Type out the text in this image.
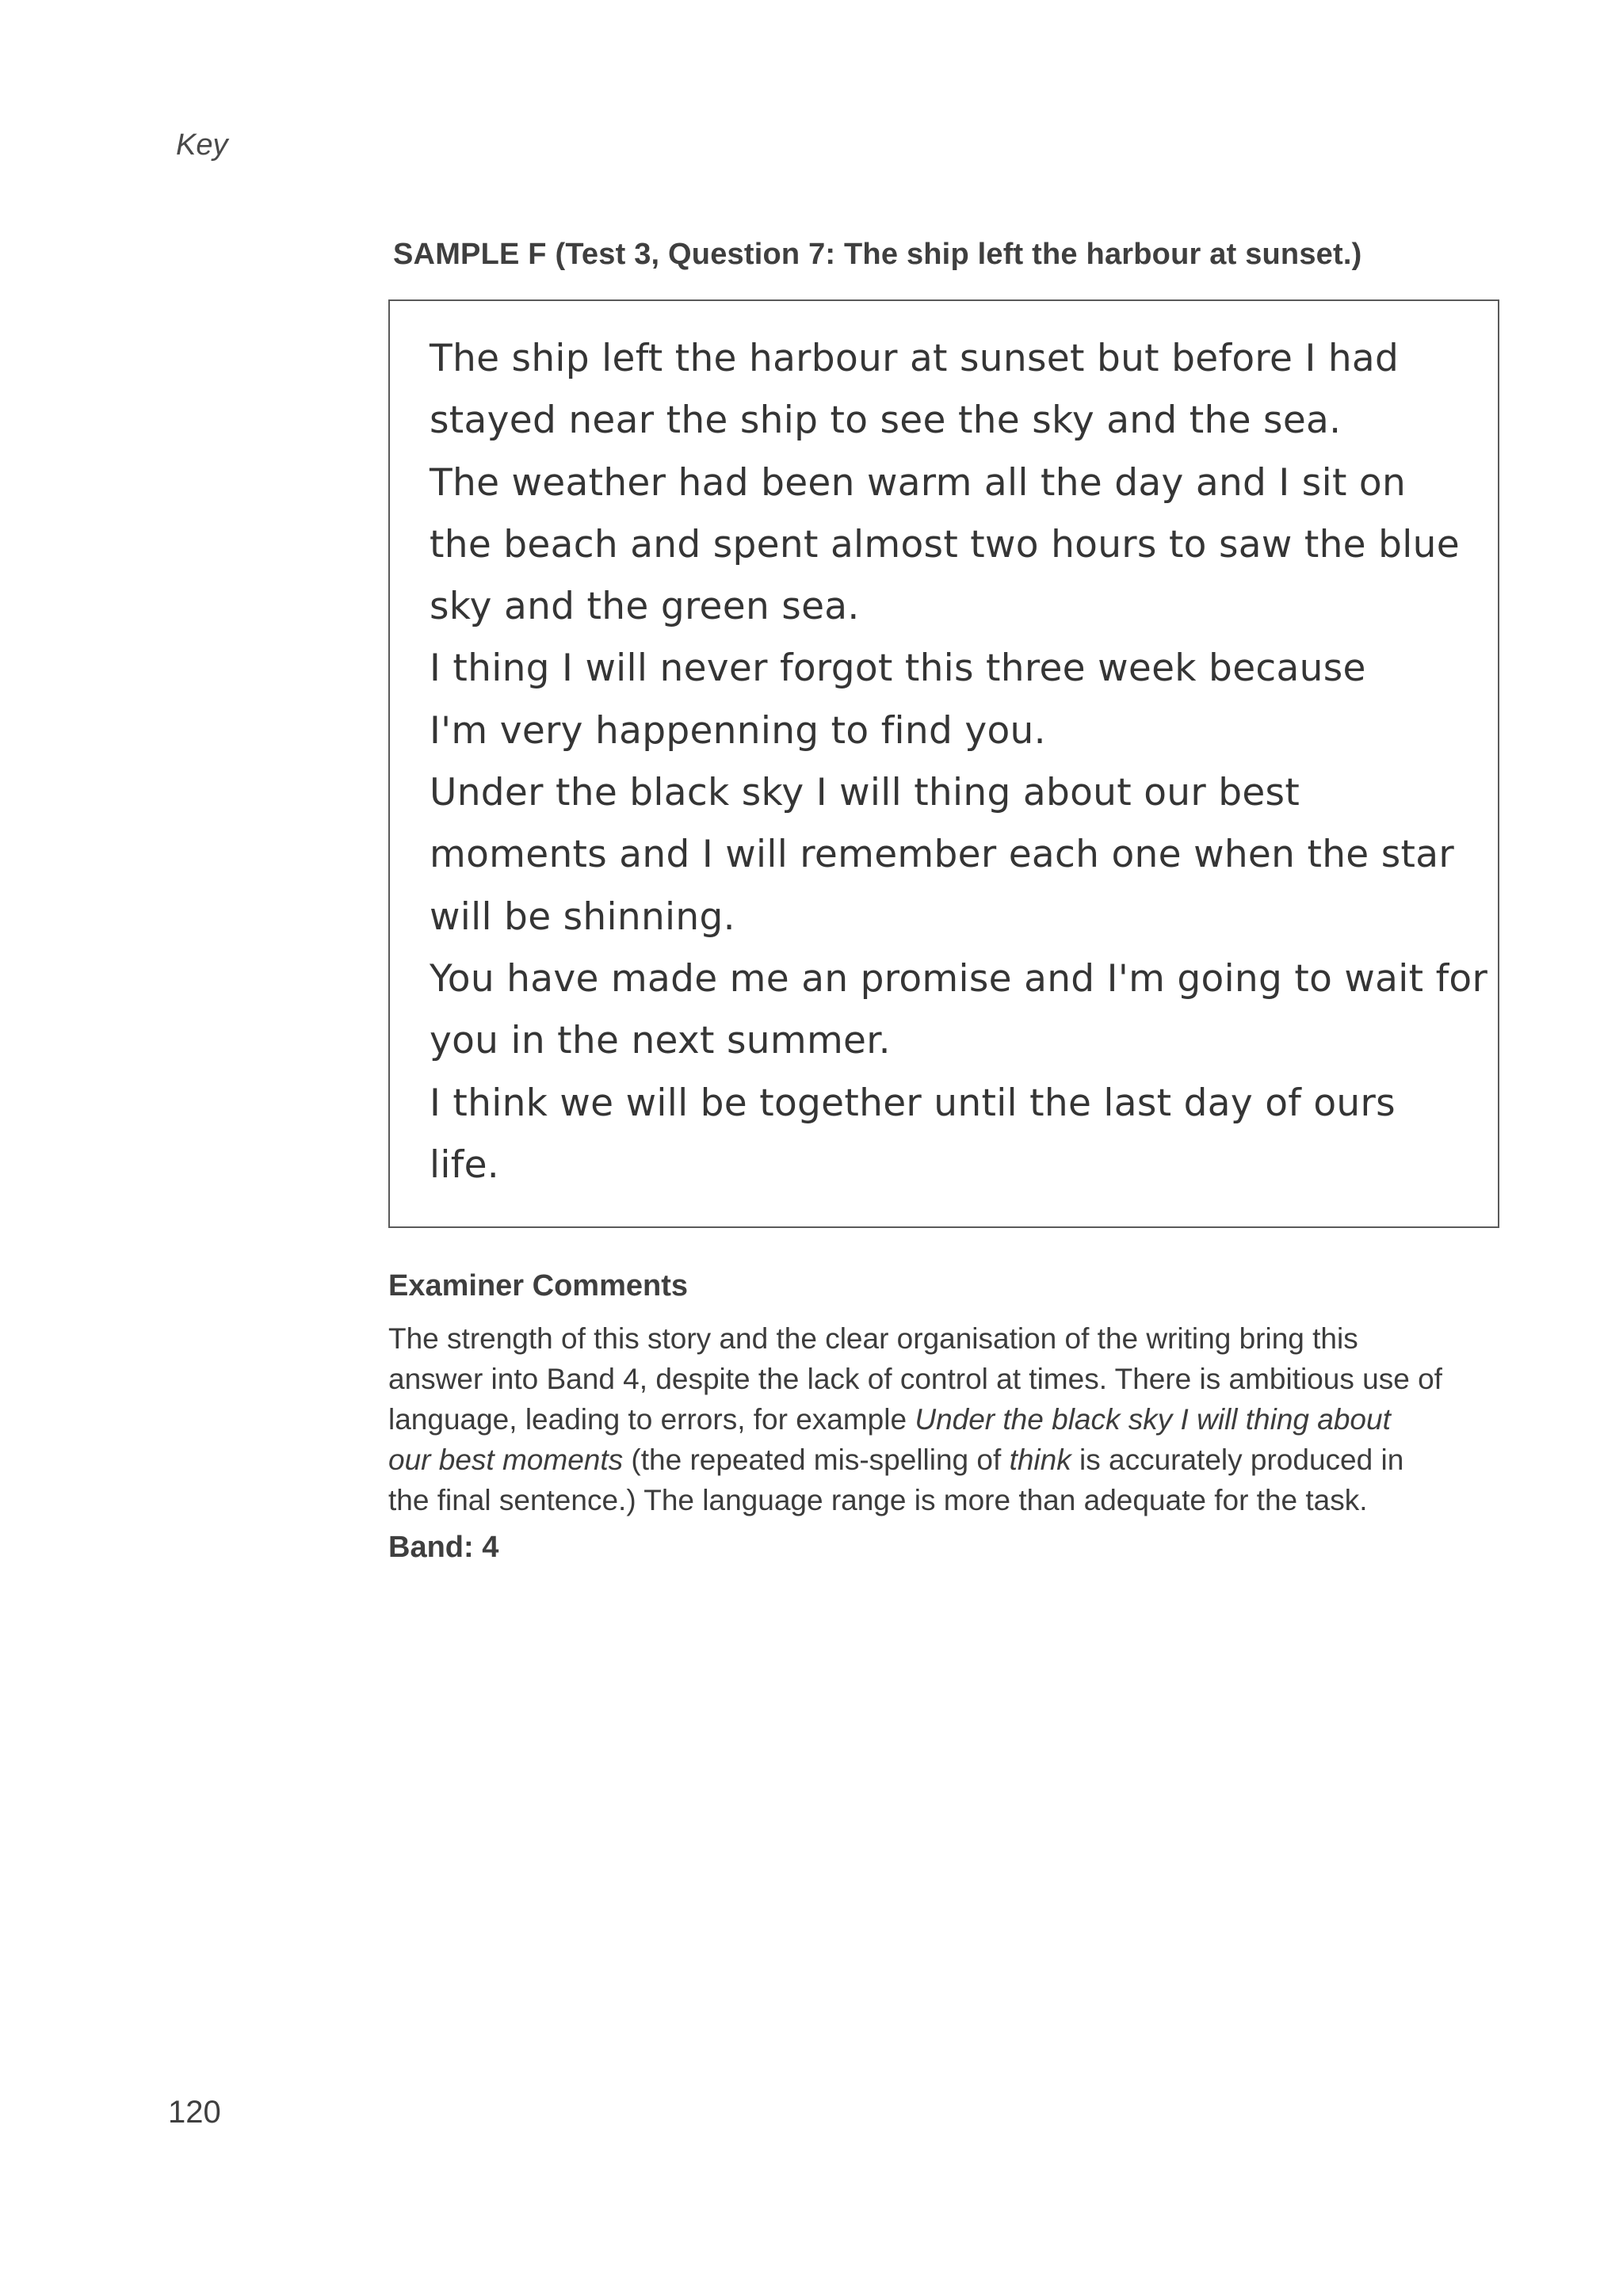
Key
SAMPLE F (Test 3, Question 7: The ship left the harbour at sunset.)
The ship left the harbour at sunset but before I had
stayed near the ship to see the sky and the sea.
The weather had been warm all the day and I sit on
the beach and spent almost two hours to saw the blue
sky and the green sea.
I thing I will never forgot this three week because
I'm very happenning to find you.
Under the black sky I will thing about our best
moments and I will remember each one when the star
will be shinning.
You have made me an promise and I'm going to wait for
you in the next summer.
I think we will be together until the last day of ours
life.
Examiner Comments
The strength of this story and the clear organisation of the writing bring this
answer into Band 4, despite the lack of control at times. There is ambitious use of
language, leading to errors, for example Under the black sky I will thing about
our best moments (the repeated mis-spelling of think is accurately produced in
the final sentence.) The language range is more than adequate for the task.
Band: 4
120
